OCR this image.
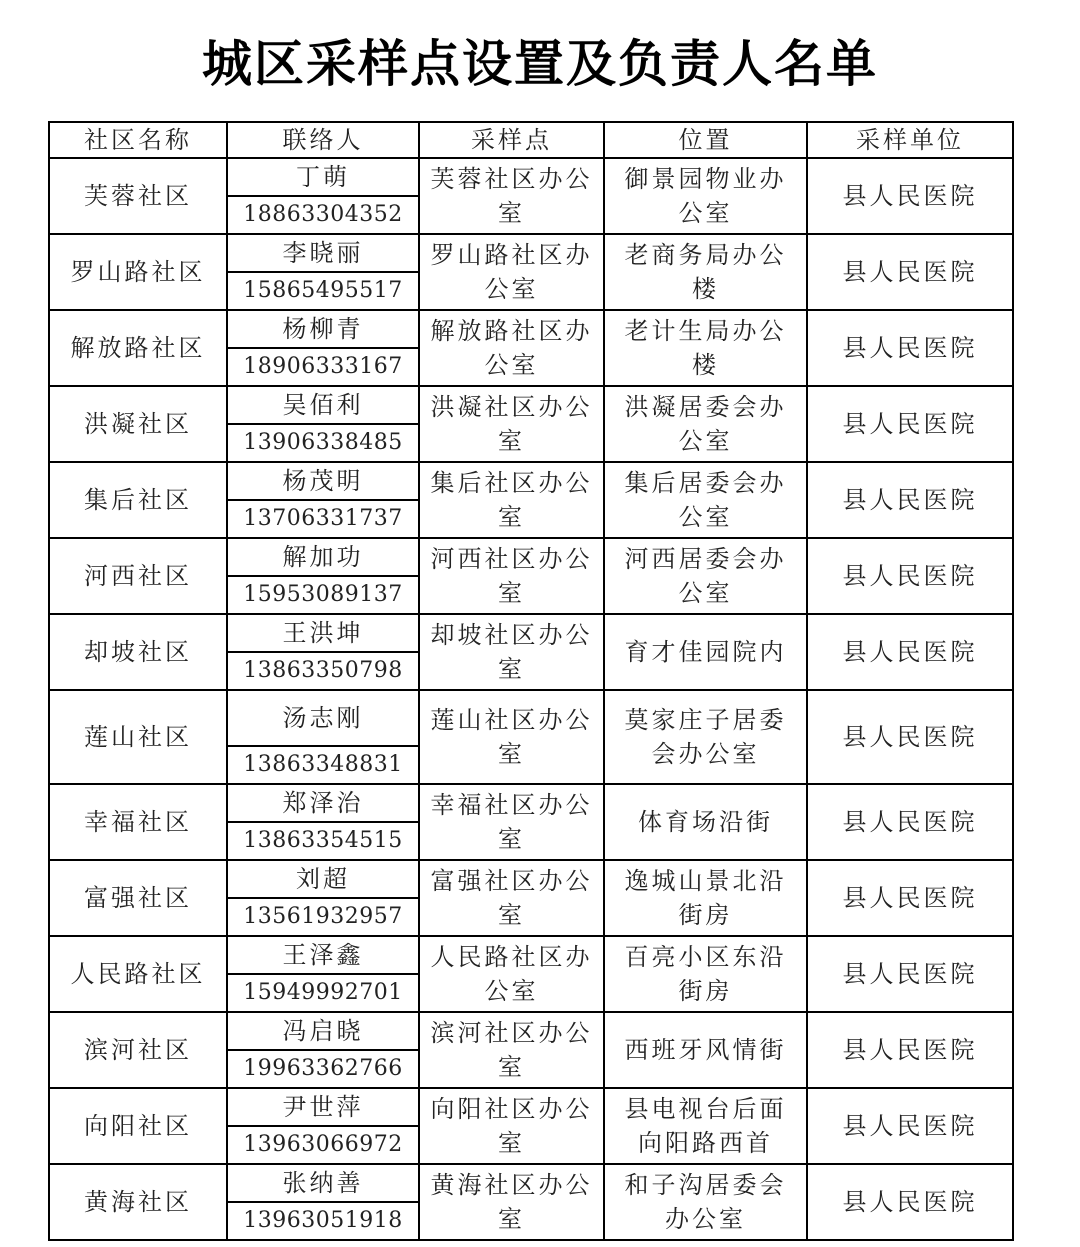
城区采样点设置及负责人名单
社区名称	联络人	采样点	位置	采样单位
芙蓉社区	丁萌	芙蓉社区办公室	御景园物业办公室	县人民医院
	18863304352			
罗山路社区	李晓丽	罗山路社区办公室	老商务局办公楼	县人民医院
	15865495517			
解放路社区	杨柳青	解放路社区办公室	老计生局办公楼	县人民医院
	18906333167			
洪凝社区	吴佰利	洪凝社区办公室	洪凝居委会办公室	县人民医院
	13906338485			
集后社区	杨茂明	集后社区办公室	集后居委会办公室	县人民医院
	13706331737			
河西社区	解加功	河西社区办公室	河西居委会办公室	县人民医院
	15953089137			
却坡社区	王洪坤	却坡社区办公室	育才佳园院内	县人民医院
	13863350798			
莲山社区	汤志刚	莲山社区办公室	莫家庄子居委会办公室	县人民医院
	13863348831			
幸福社区	郑泽治	幸福社区办公室	体育场沿街	县人民医院
	13863354515			
富强社区	刘超	富强社区办公室	逸城山景北沿街房	县人民医院
	13561932957			
人民路社区	王泽鑫	人民路社区办公室	百亮小区东沿街房	县人民医院
	15949992701			
滨河社区	冯启晓	滨河社区办公室	西班牙风情街	县人民医院
	19963362766			
向阳社区	尹世萍	向阳社区办公室	县电视台后面向阳路西首	县人民医院
	13963066972			
黄海社区	张纳善	黄海社区办公室	和子沟居委会办公室	县人民医院
	13963051918			
